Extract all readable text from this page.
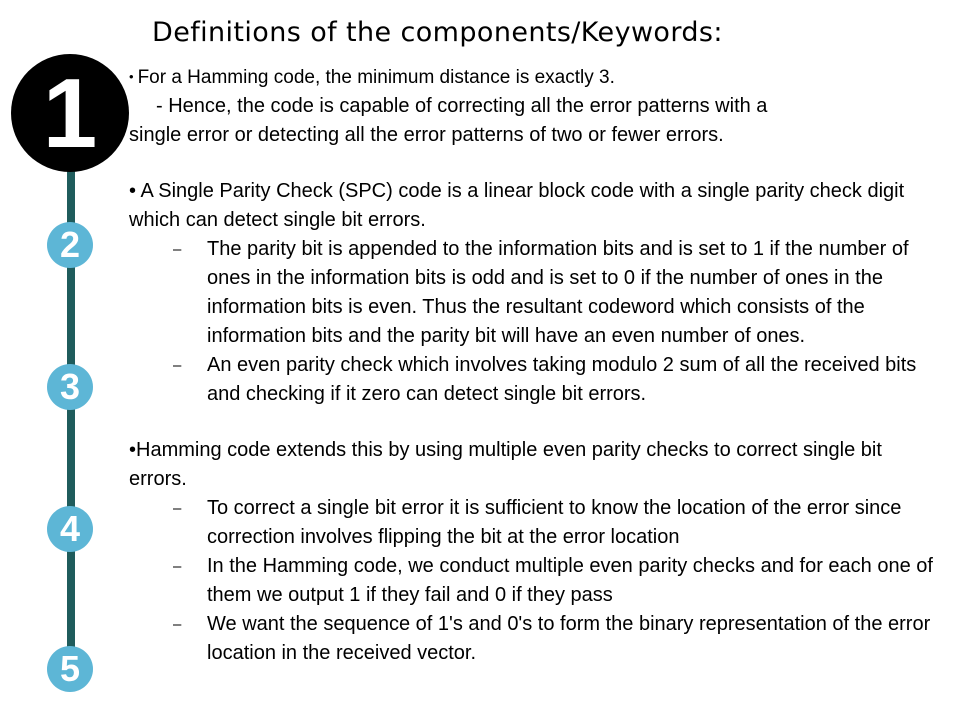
Definitions of the components/Keywords:
1
2
3
4
5
• For a Hamming code, the minimum distance is exactly 3.
- Hence, the code is capable of correcting all the error patterns with a
single error or detecting all the error patterns of two or fewer errors.
• A Single Parity Check (SPC) code is a linear block code with a single parity check digit which can detect single bit errors.
– The parity bit is appended to the information bits and is set to 1 if the number of ones in the information bits is odd and is set to 0 if the number of ones in the information bits is even. Thus the resultant codeword which consists of the information bits and the parity bit will have an even number of ones.
– An even parity check which involves taking modulo 2 sum of all the received bits and checking if it zero can detect single bit errors.
•Hamming code extends this by using multiple even parity checks to correct single bit errors.
– To correct a single bit error it is sufficient to know the location of the error since correction involves flipping the bit at the error location
– In the Hamming code, we conduct multiple even parity checks and for each one of them we output 1 if they fail and 0 if they pass
– We want the sequence of 1's and 0's to form the binary representation of the error location in the received vector.
